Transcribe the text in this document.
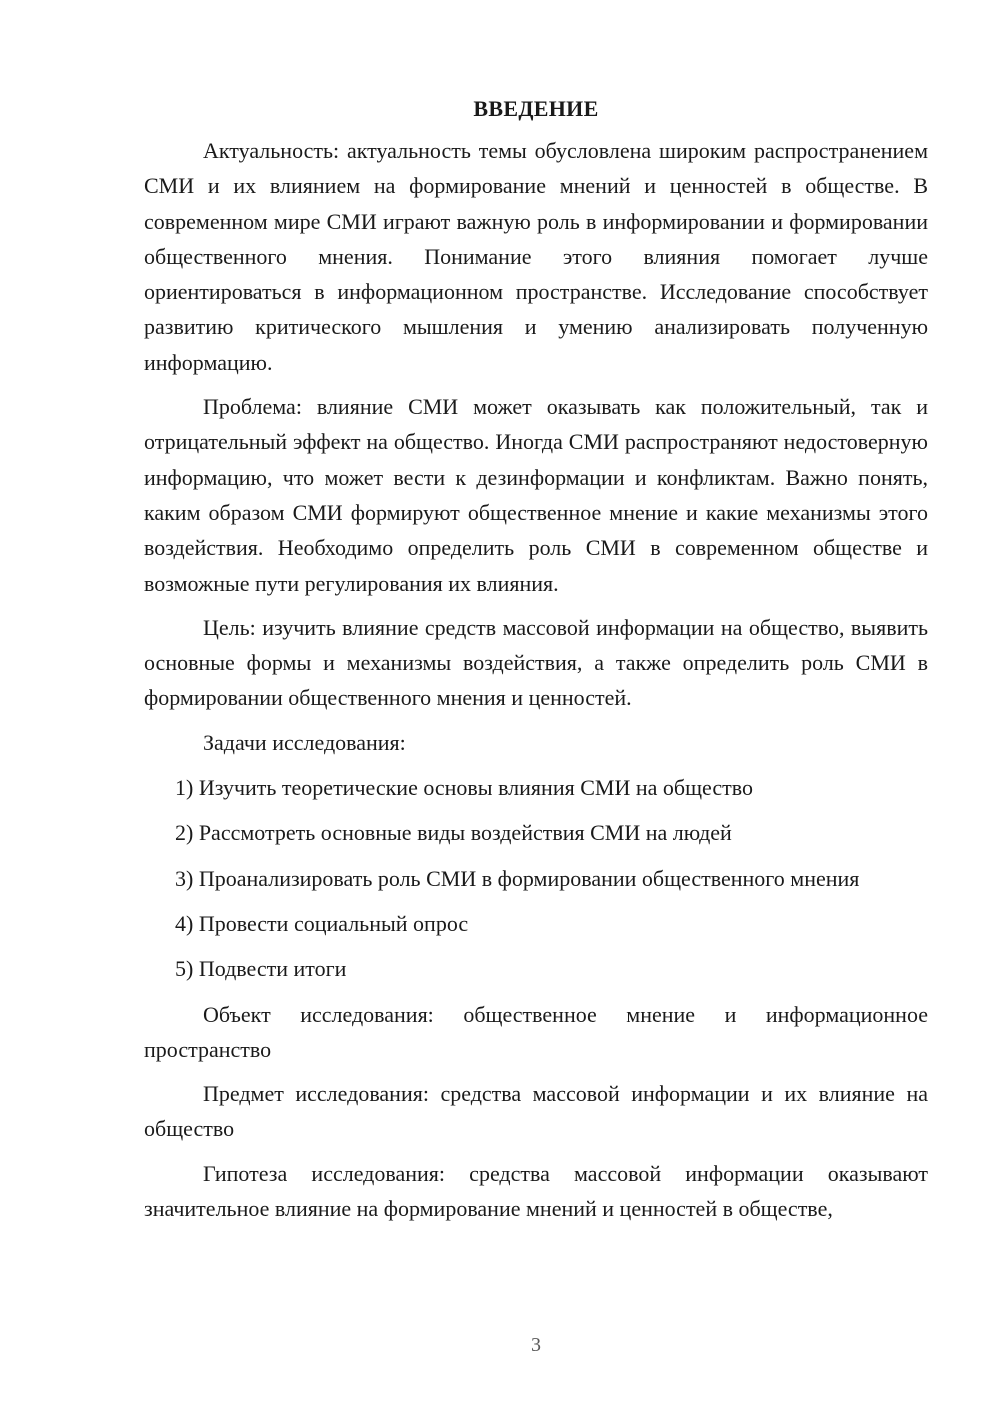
ВВЕДЕНИЕ

Актуальность: актуальность темы обусловлена широким распространением СМИ и их влиянием на формирование мнений и ценностей в обществе. В современном мире СМИ играют важную роль в информировании и формировании общественного мнения. Понимание этого влияния помогает лучше ориентироваться в информационном пространстве. Исследование способствует развитию критического мышления и умению анализировать полученную информацию.

Проблема: влияние СМИ может оказывать как положительный, так и отрицательный эффект на общество. Иногда СМИ распространяют недостоверную информацию, что может вести к дезинформации и конфликтам. Важно понять, каким образом СМИ формируют общественное мнение и какие механизмы этого воздействия. Необходимо определить роль СМИ в современном обществе и возможные пути регулирования их влияния.

Цель: изучить влияние средств массовой информации на общество, выявить основные формы и механизмы воздействия, а также определить роль СМИ в формировании общественного мнения и ценностей.

Задачи исследования:

1) Изучить теоретические основы влияния СМИ на общество

2) Рассмотреть основные виды воздействия СМИ на людей

3) Проанализировать роль СМИ в формировании общественного мнения

4) Провести социальный опрос

5) Подвести итоги

Объект исследования: общественное мнение и информационное пространство

Предмет исследования: средства массовой информации и их влияние на общество

Гипотеза исследования: средства массовой информации оказывают значительное влияние на формирование мнений и ценностей в обществе,

3
